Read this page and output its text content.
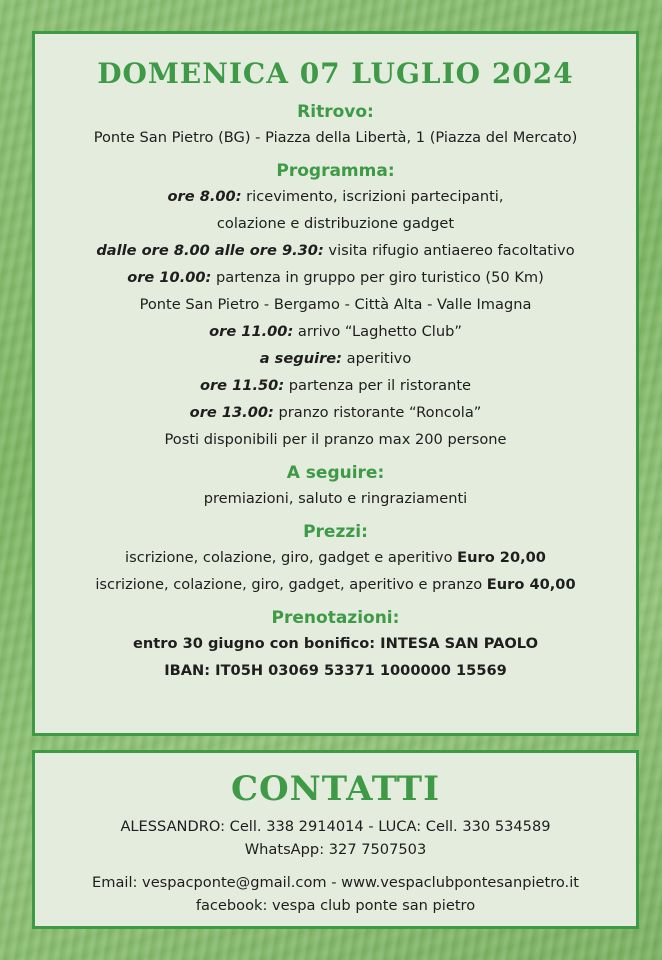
DOMENICA 07 LUGLIO 2024
Ritrovo:
Ponte San Pietro (BG) - Piazza della Libertà, 1 (Piazza del Mercato)
Programma:
ore 8.00: ricevimento, iscrizioni partecipanti,
colazione e distribuzione gadget
dalle ore 8.00 alle ore 9.30: visita rifugio antiaereo facoltativo
ore 10.00: partenza in gruppo per giro turistico (50 Km)
Ponte San Pietro - Bergamo - Città Alta - Valle Imagna
ore 11.00: arrivo “Laghetto Club”
a seguire: aperitivo
ore 11.50: partenza per il ristorante
ore 13.00: pranzo ristorante “Roncola”
Posti disponibili per il pranzo max 200 persone
A seguire:
premiazioni, saluto e ringraziamenti
Prezzi:
iscrizione, colazione, giro, gadget e aperitivo Euro 20,00
iscrizione, colazione, giro, gadget, aperitivo e pranzo Euro 40,00
Prenotazioni:
entro 30 giugno con bonifico: INTESA SAN PAOLO
IBAN: IT05H 03069 53371 1000000 15569
CONTATTI
ALESSANDRO: Cell. 338 2914014 - LUCA: Cell. 330 534589
WhatsApp: 327 7507503
Email: vespacponte@gmail.com - www.vespaclubpontesanpietro.it
facebook: vespa club ponte san pietro
